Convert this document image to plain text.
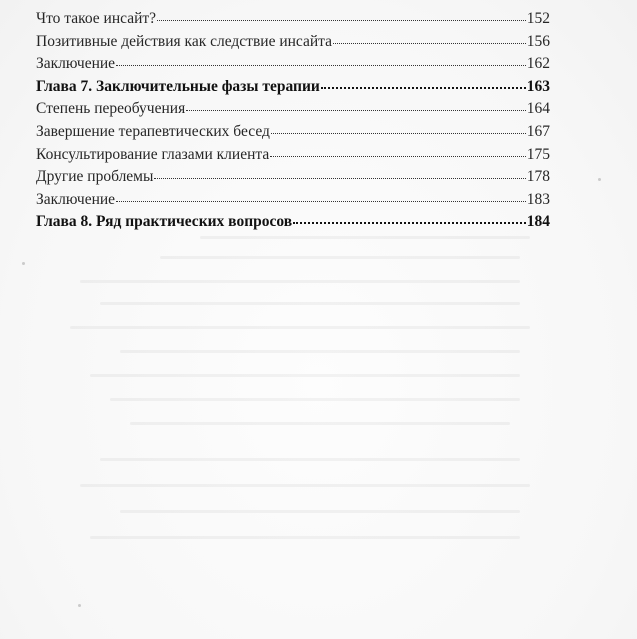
Что такое инсайт?	152
Позитивные действия как следствие инсайта	156
Заключение	162
Глава 7. Заключительные фазы терапии	163
Степень переобучения	164
Завершение терапевтических бесед	167
Консультирование глазами клиента	175
Другие проблемы	178
Заключение	183
Глава 8. Ряд практических вопросов	184
